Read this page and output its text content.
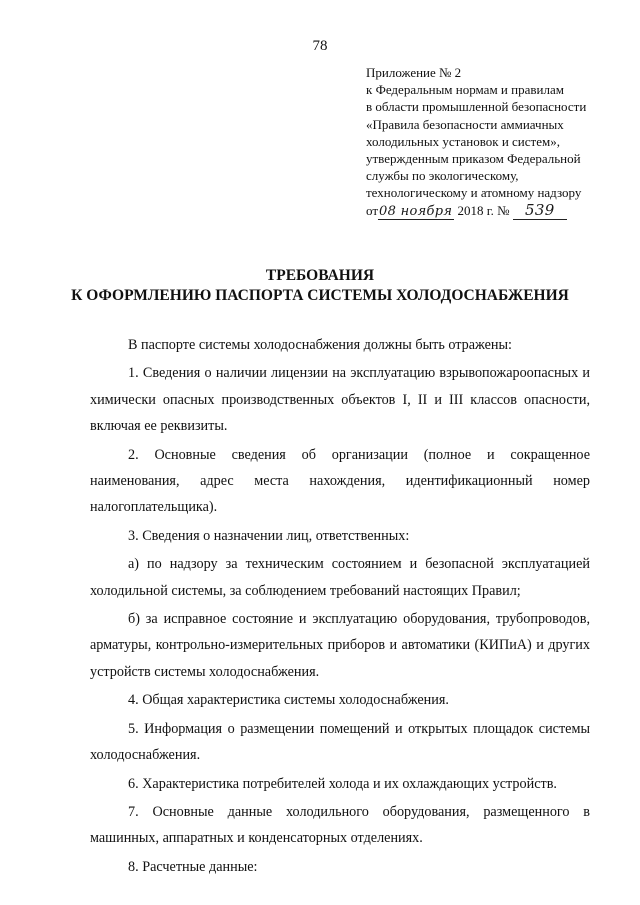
78
Приложение № 2
к Федеральным нормам и правилам
в области промышленной безопасности
«Правила безопасности аммиачных
холодильных установок и систем»,
утвержденным приказом Федеральной
службы по экологическому,
технологическому и атомному надзору
от08 ноября 2018 г. № 539
ТРЕБОВАНИЯ
К ОФОРМЛЕНИЮ ПАСПОРТА СИСТЕМЫ ХОЛОДОСНАБЖЕНИЯ

В паспорте системы холодоснабжения должны быть отражены:

1. Сведения о наличии лицензии на эксплуатацию взрывопожароопасных и химически опасных производственных объектов I, II и III классов опасности, включая ее реквизиты.

2. Основные сведения об организации (полное и сокращенное наименования, адрес места нахождения, идентификационный номер налогоплательщика).

3. Сведения о назначении лиц, ответственных:

а) по надзору за техническим состоянием и безопасной эксплуатацией холодильной системы, за соблюдением требований настоящих Правил;

б) за исправное состояние и эксплуатацию оборудования, трубопроводов, арматуры, контрольно-измерительных приборов и автоматики (КИПиА) и других устройств системы холодоснабжения.

4. Общая характеристика системы холодоснабжения.

5. Информация о размещении помещений и открытых площадок системы холодоснабжения.

6. Характеристика потребителей холода и их охлаждающих устройств.

7. Основные данные холодильного оборудования, размещенного в машинных, аппаратных и конденсаторных отделениях.

8. Расчетные данные:
